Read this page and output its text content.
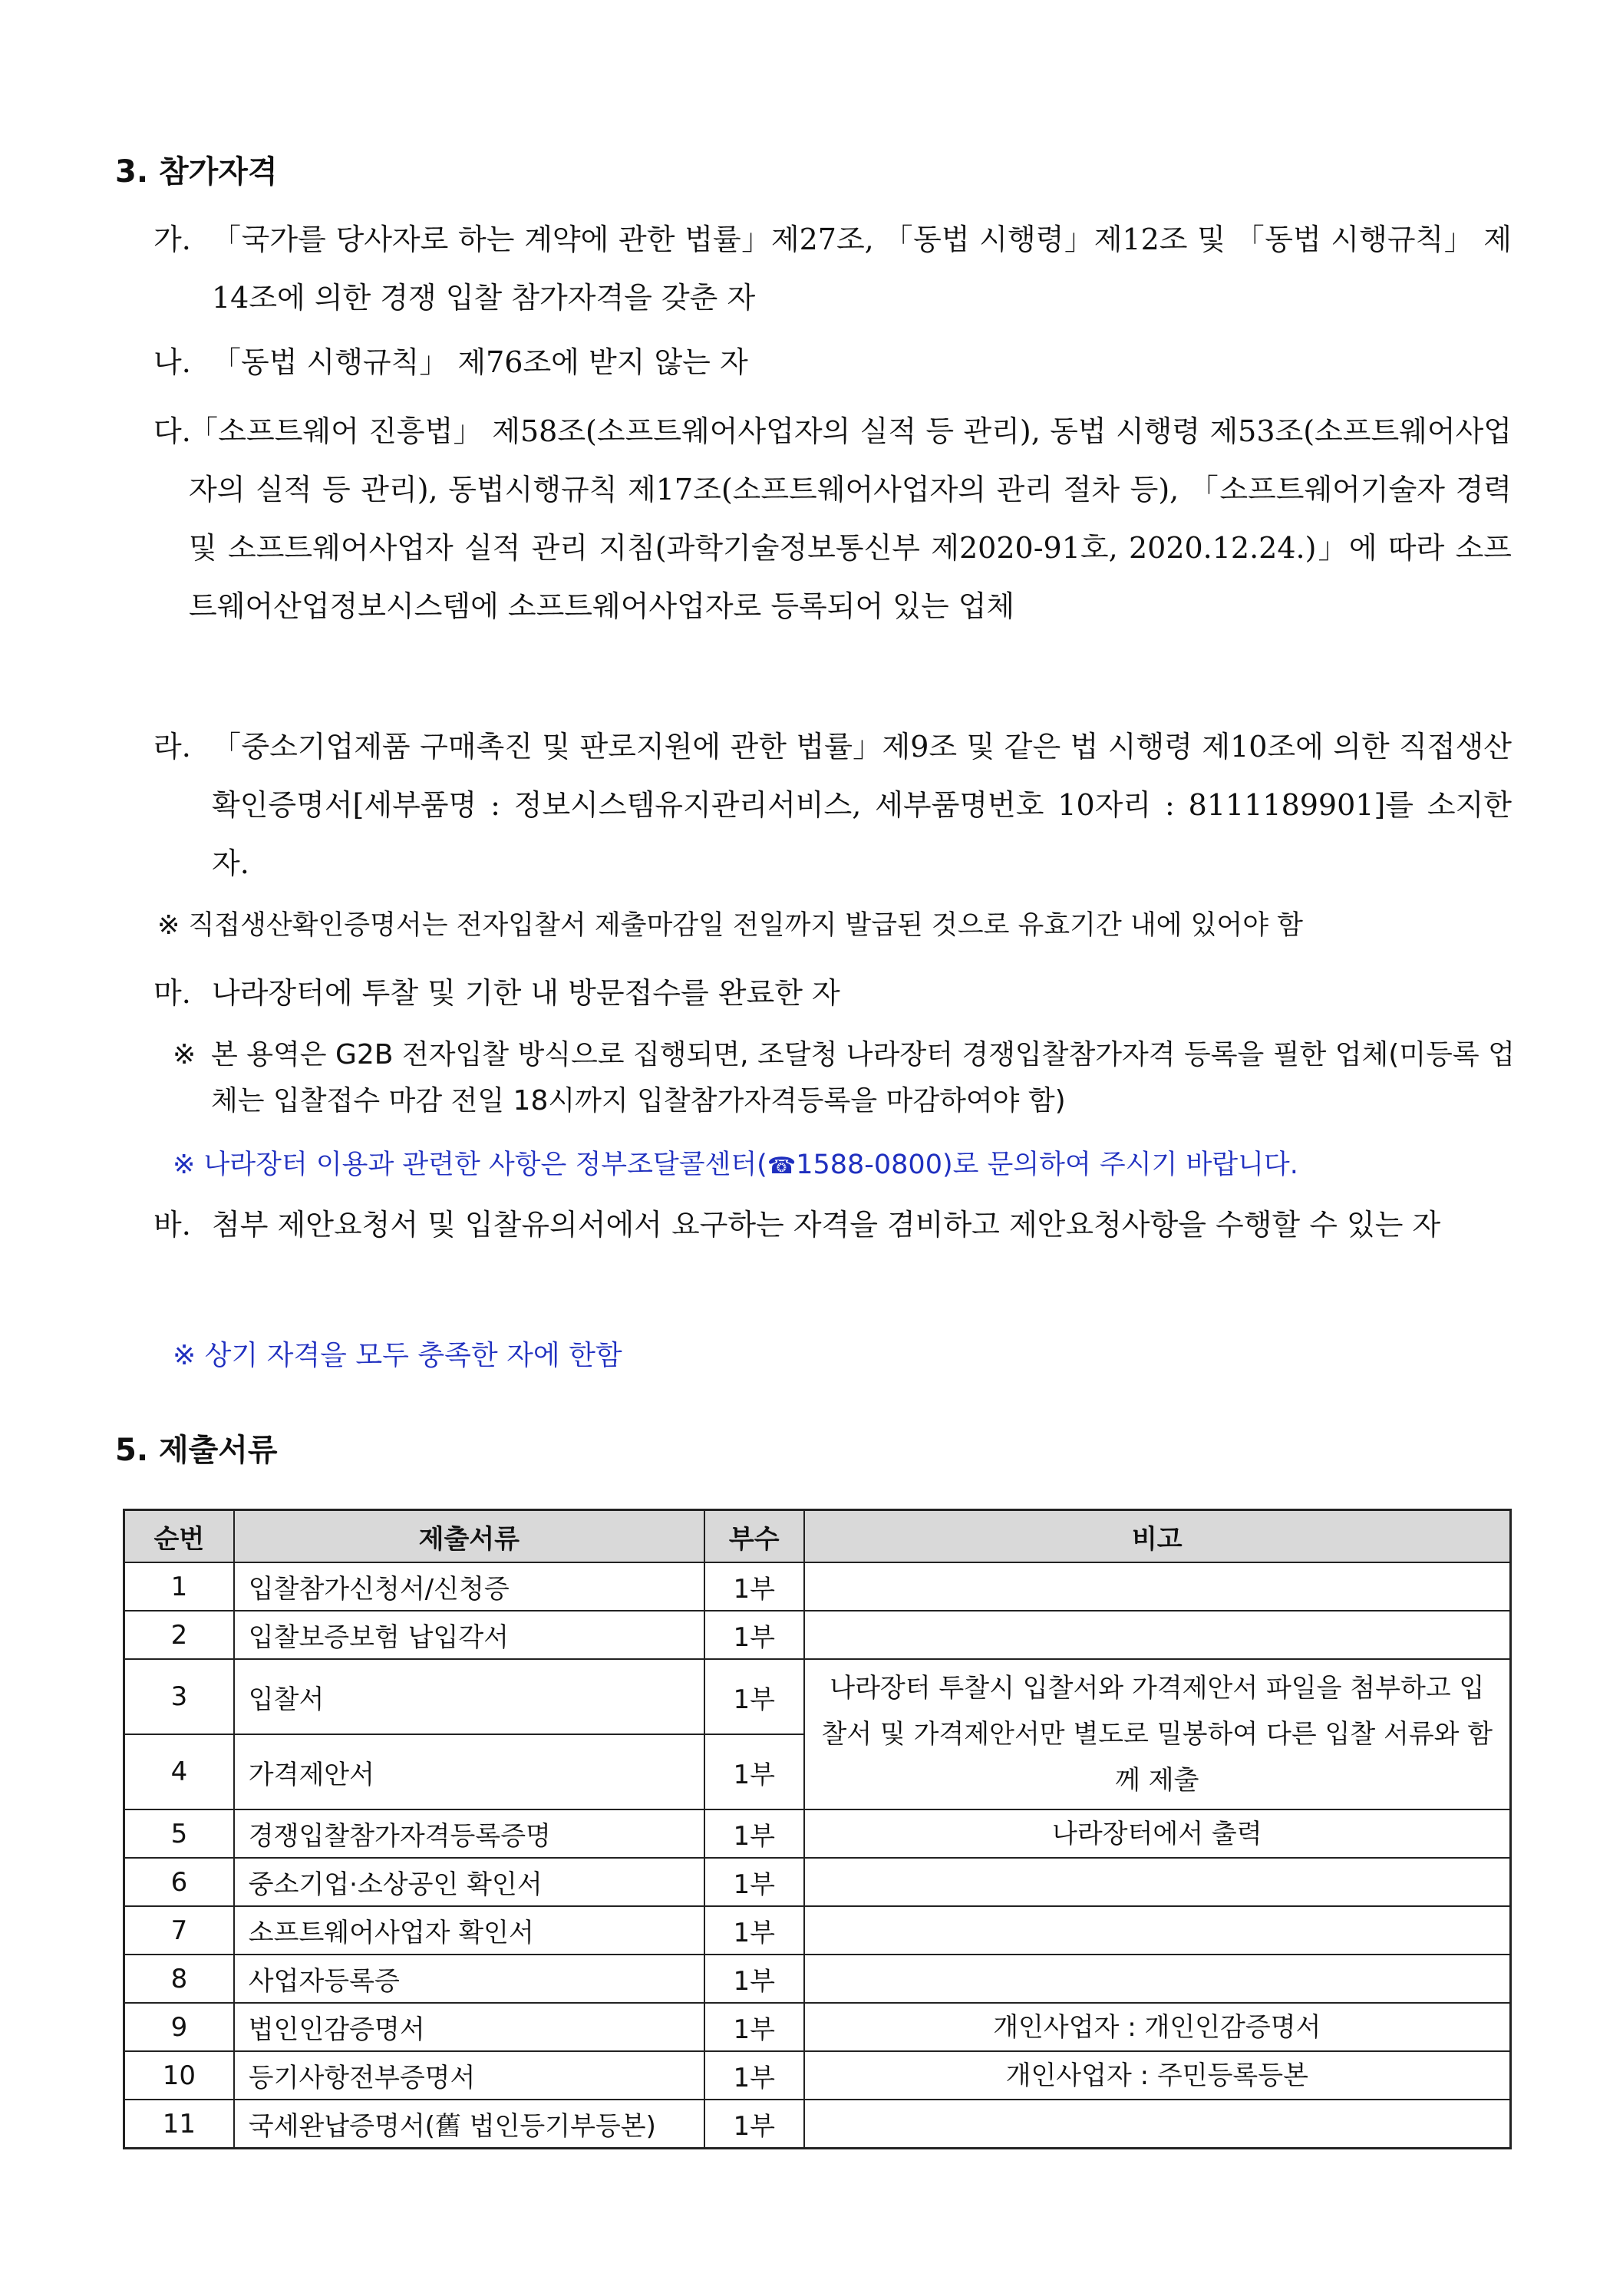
3. 참가자격
가. 「국가를 당사자로 하는 계약에 관한 법률」제27조, 「동법 시행령」제12조 및 「동법 시행규칙」 제14조에 의한 경쟁 입찰 참가자격을 갖춘 자
나. 「동법 시행규칙」 제76조에 받지 않는 자
다.
「소프트웨어 진흥법」 제58조(소프트웨어사업자의 실적 등 관리), 동법 시행령 제53조(소프트웨어사업자의 실적 등 관리), 동법시행규칙 제17조(소프트웨어사업자의 관리 절차 등), 「소프트웨어기술자 경력 및 소프트웨어사업자 실적 관리 지침(과학기술정보통신부 제2020-91호, 2020.12.24.)」에 따라 소프트웨어산업정보시스템에 소프트웨어사업자로 등록되어 있는 업체
라. 「중소기업제품 구매촉진 및 판로지원에 관한 법률」제9조 및 같은 법 시행령 제10조에 의한 직접생산확인증명서[세부품명 : 정보시스템유지관리서비스, 세부품명번호 10자리 : 8111189901]를 소지한 자.
※ 직접생산확인증명서는 전자입찰서 제출마감일 전일까지 발급된 것으로 유효기간 내에 있어야 함
마. 나라장터에 투찰 및 기한 내 방문접수를 완료한 자
※ 본 용역은 G2B 전자입찰 방식으로 집행되면, 조달청 나라장터 경쟁입찰참가자격 등록을 필한 업체(미등록 업체는 입찰접수 마감 전일 18시까지 입찰참가자격등록을 마감하여야 함)
※ 나라장터 이용과 관련한 사항은 정부조달콜센터(☎1588-0800)로 문의하여 주시기 바랍니다.
바. 첨부 제안요청서 및 입찰유의서에서 요구하는 자격을 겸비하고 제안요청사항을 수행할 수 있는 자
※ 상기 자격을 모두 충족한 자에 한함
5. 제출서류
순번	제출서류	부수	비고
1	입찰참가신청서/신청증	1부	
2	입찰보증보험 납입각서	1부	
3	입찰서	1부	나라장터 투찰시 입찰서와 가격제안서 파일을 첨부하고 입찰서 및 가격제안서만 별도로 밀봉하여 다른 입찰 서류와 함께 제출
4	가격제안서	1부	
5	경쟁입찰참가자격등록증명	1부	나라장터에서 출력
6	중소기업·소상공인 확인서	1부	
7	소프트웨어사업자 확인서	1부	
8	사업자등록증	1부	
9	법인인감증명서	1부	개인사업자 : 개인인감증명서
10	등기사항전부증명서	1부	개인사업자 : 주민등록등본
11	국세완납증명서(舊 법인등기부등본)	1부	
